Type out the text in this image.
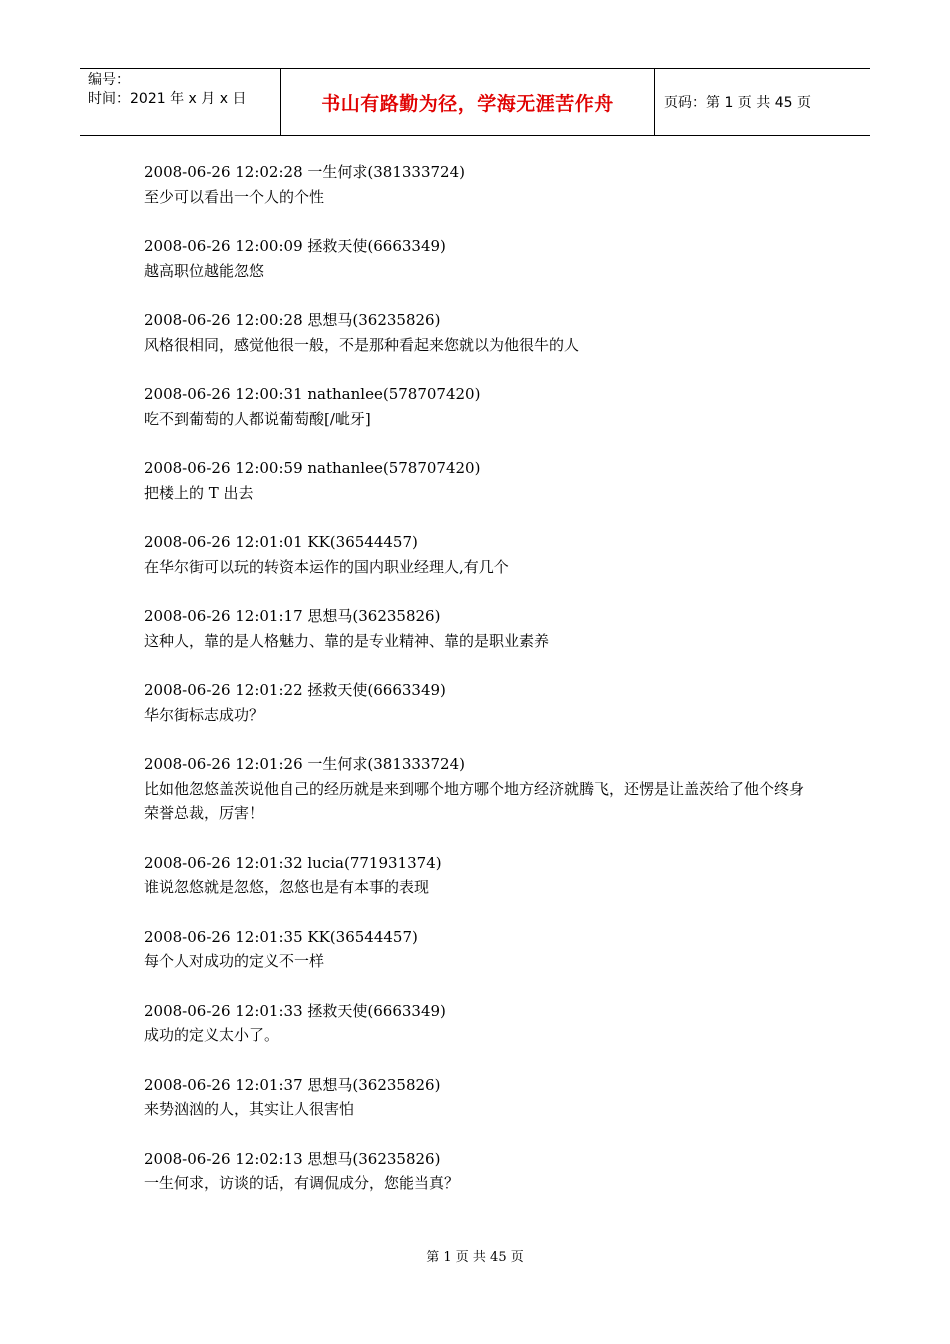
编号：
时间：2021 年 x 月 x 日	书山有路勤为径，学海无涯苦作舟	页码：第 1 页 共 45 页
2008-06-26 12:02:28 一生何求(381333724)
至少可以看出一个人的个性
2008-06-26 12:00:09 拯救天使(6663349)
越高职位越能忽悠
2008-06-26 12:00:28 思想马(36235826)
风格很相同，感觉他很一般，不是那种看起来您就以为他很牛的人
2008-06-26 12:00:31 nathanlee(578707420)
吃不到葡萄的人都说葡萄酸[/呲牙]
2008-06-26 12:00:59 nathanlee(578707420)
把楼上的 T 出去
2008-06-26 12:01:01 KK(36544457)
在华尔街可以玩的转资本运作的国内职业经理人,有几个
2008-06-26 12:01:17 思想马(36235826)
这种人，靠的是人格魅力、靠的是专业精神、靠的是职业素养
2008-06-26 12:01:22 拯救天使(6663349)
华尔街标志成功？
2008-06-26 12:01:26 一生何求(381333724)
比如他忽悠盖茨说他自己的经历就是来到哪个地方哪个地方经济就腾飞，还愣是让盖茨给了他个终身荣誉总裁，厉害！
2008-06-26 12:01:32 lucia(771931374)
谁说忽悠就是忽悠，忽悠也是有本事的表现
2008-06-26 12:01:35 KK(36544457)
每个人对成功的定义不一样
2008-06-26 12:01:33 拯救天使(6663349)
成功的定义太小了。
2008-06-26 12:01:37 思想马(36235826)
来势汹汹的人，其实让人很害怕
2008-06-26 12:02:13 思想马(36235826)
一生何求，访谈的话，有调侃成分，您能当真？
第 1 页 共 45 页
